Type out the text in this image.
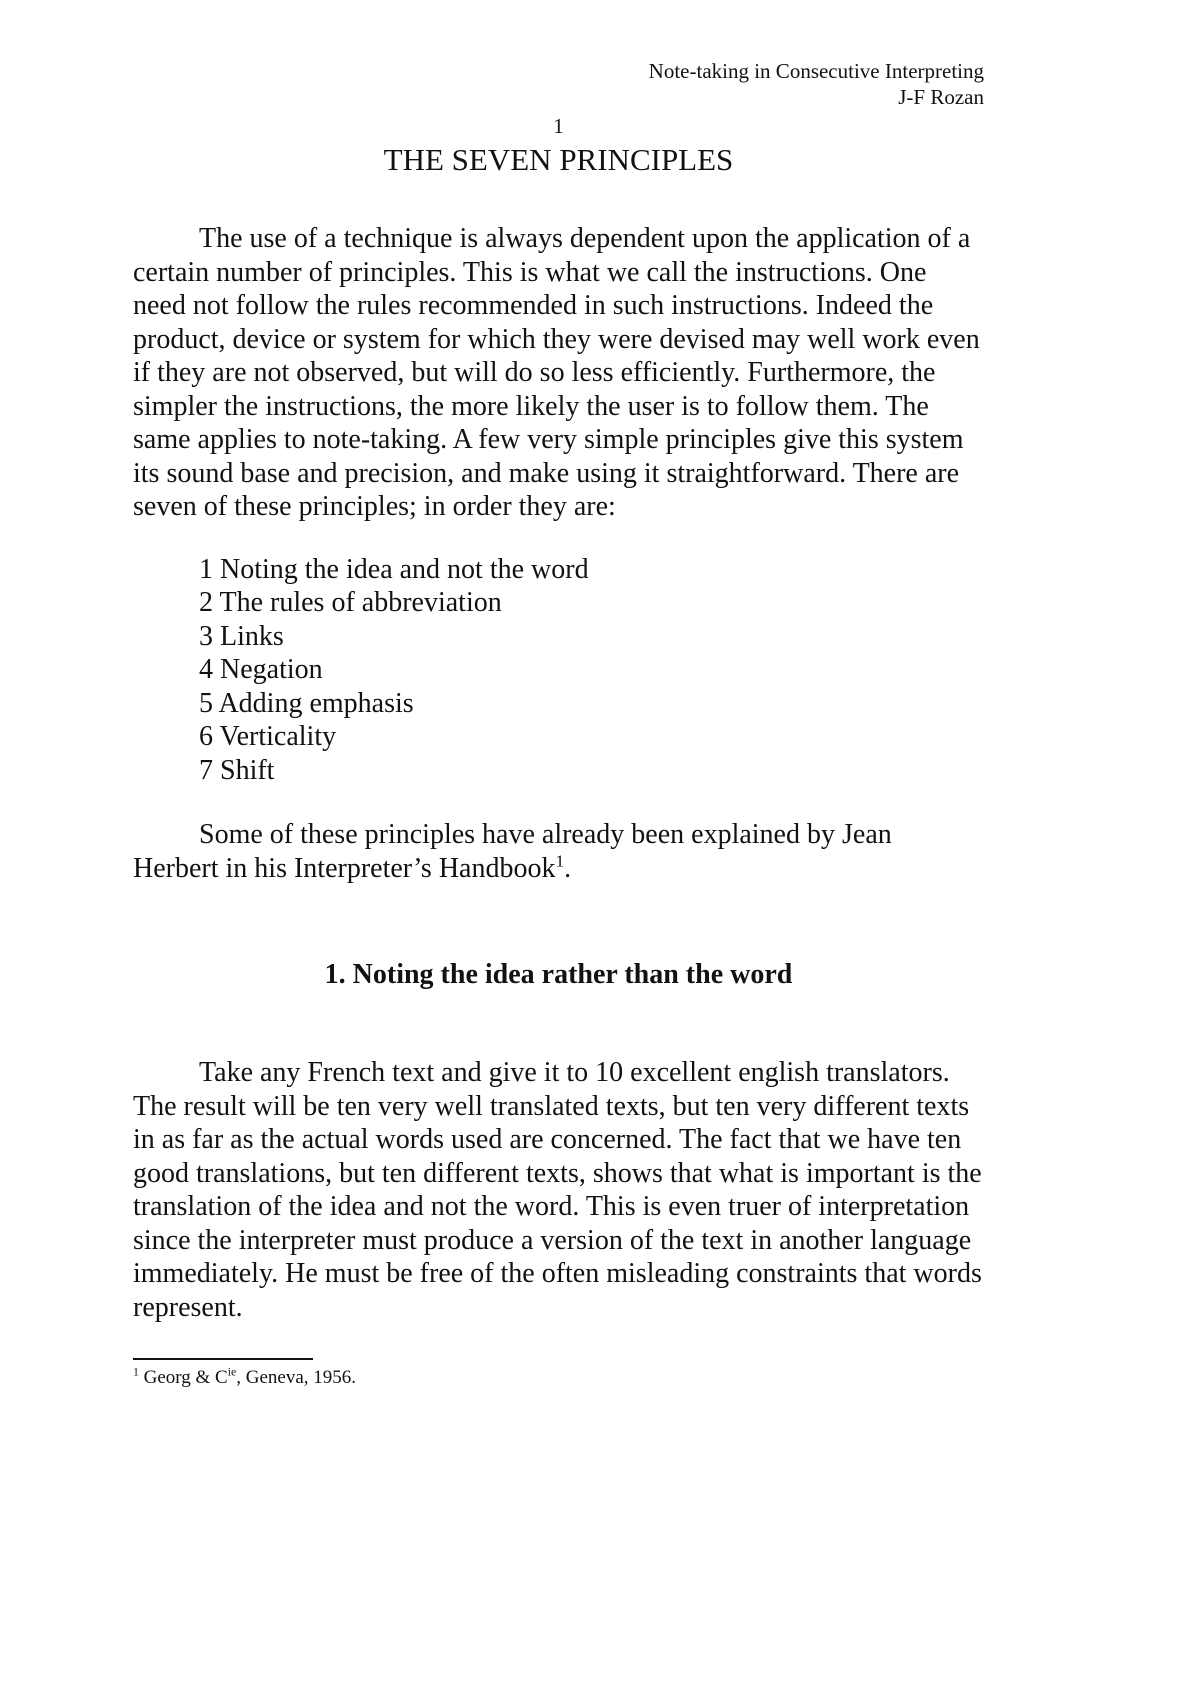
Note-taking in Consecutive Interpreting
J-F Rozan
1
THE SEVEN PRINCIPLES

The use of a technique is always dependent upon the application of a certain number of principles. This is what we call the instructions. One need not follow the rules recommended in such instructions. Indeed the product, device or system for which they were devised may well work even if they are not observed, but will do so less efficiently. Furthermore, the simpler the instructions, the more likely the user is to follow them. The same applies to note-taking. A few very simple principles give this system its sound base and precision, and make using it straightforward. There are seven of these principles; in order they are:

1 Noting the idea and not the word
2 The rules of abbreviation
3 Links
4 Negation
5 Adding emphasis
6 Verticality
7 Shift

Some of these principles have already been explained by Jean Herbert in his Interpreter’s Handbook$^1$.

1. Noting the idea rather than the word

Take any French text and give it to 10 excellent english translators. The result will be ten very well translated texts, but ten very different texts in as far as the actual words used are concerned. The fact that we have ten good translations, but ten different texts, shows that what is important is the translation of the idea and not the word. This is even truer of interpretation since the interpreter must produce a version of the text in another language immediately. He must be free of the often misleading constraints that words represent.

$^1$ Georg & $C^{ie}$, Geneva, 1956.
